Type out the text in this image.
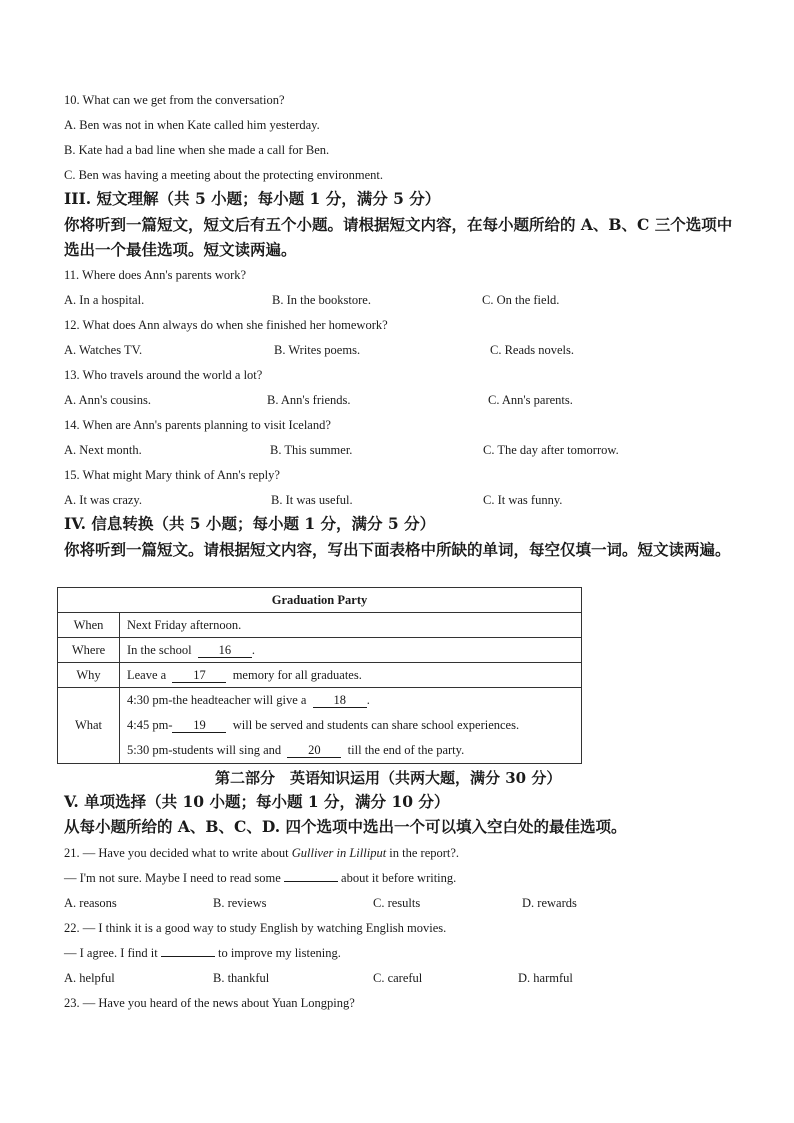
10. What can we get from the conversation?
A. Ben was not in when Kate called him yesterday.
B. Kate had a bad line when she made a call for Ben.
C. Ben was having a meeting about the protecting environment.
III. 短文理解（共 5 小题；每小题 1 分，满分 5 分）
你将听到一篇短文，短文后有五个小题。请根据短文内容，在每小题所给的 A、B、C 三个选项中选出一个最佳选项。短文读两遍。
11. Where does Ann's parents work?
A. In a hospital.	B. In the bookstore.	C. On the field.
12. What does Ann always do when she finished her homework?
A. Watches TV.	B. Writes poems.	C. Reads novels.
13. Who travels around the world a lot?
A. Ann's cousins.	B. Ann's friends.	C. Ann's parents.
14. When are Ann's parents planning to visit Iceland?
A. Next month.	B. This summer.	C. The day after tomorrow.
15. What might Mary think of Ann's reply?
A. It was crazy.	B. It was useful.	C. It was funny.
IV. 信息转换（共 5 小题；每小题 1 分，满分 5 分）
你将听到一篇短文。请根据短文内容，写出下面表格中所缺的单词，每空仅填一词。短文读两遍。
Graduation Party	
When	Next Friday afternoon.
Where	In the school 16 .
Why	Leave a 17 memory for all graduates.
What	4:30 pm-the headteacher will give a 18 .
4:45 pm- 19 will be served and students can share school experiences.
5:30 pm-students will sing and 20 till the end of the party.
第二部分　英语知识运用（共两大题，满分 30 分）
V. 单项选择（共 10 小题；每小题 1 分，满分 10 分）
从每小题所给的 A、B、C、D. 四个选项中选出一个可以填入空白处的最佳选项。
21. — Have you decided what to write about Gulliver in Lilliput in the report?.
— I'm not sure. Maybe I need to read some	about it before writing.
A. reasons	B. reviews	C. results	D. rewards
22. — I think it is a good way to study English by watching English movies.
— I agree. I find it	to improve my listening.
A. helpful	B. thankful	C. careful	D. harmful
23. — Have you heard of the news about Yuan Longping?
